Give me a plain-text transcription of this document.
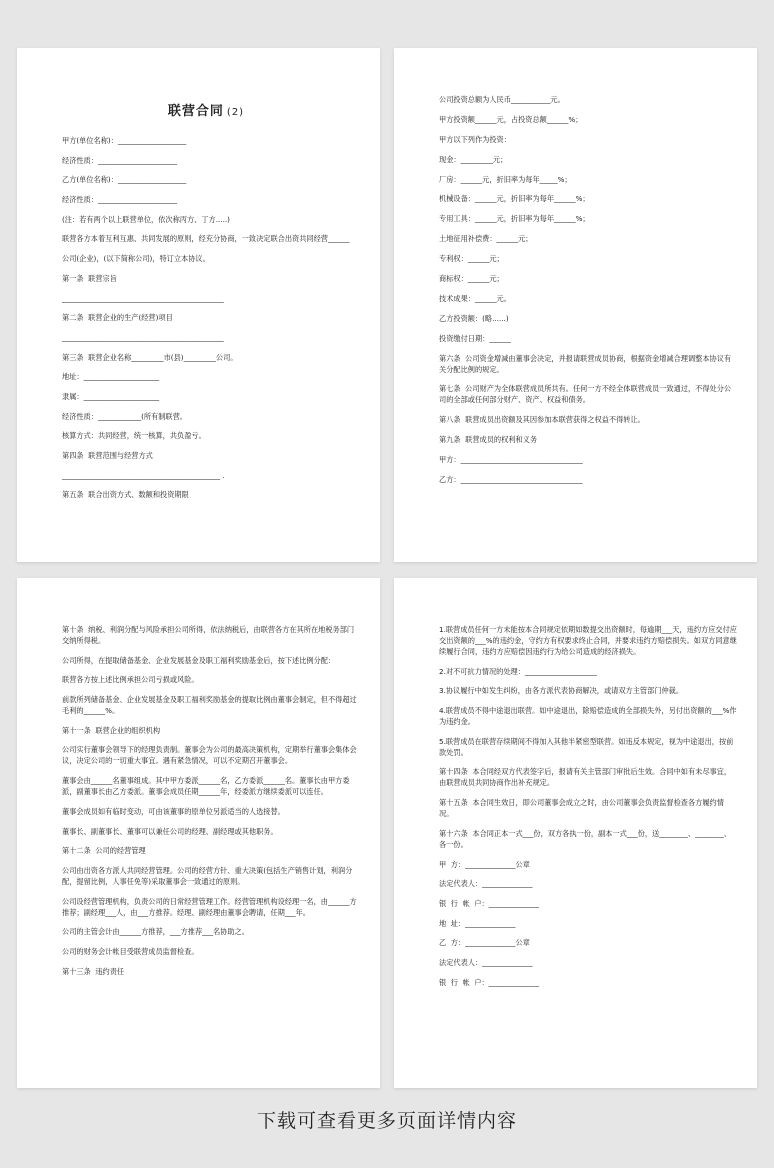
联营合同 (2)
甲方(单位名称)：___________________
经济性质：______________________
乙方(单位名称)：___________________
经济性质：______________________
(注：若有两个以上联营单位，依次称丙方、丁方.....)
联营各方本着互利互惠、共同发展的原则，经充分协商，一致决定联合出资共同经营______
公司(企业)，(以下简称公司)，特订立本协议。
第一条  联营宗旨
_____________________________________________
第二条  联营企业的生产(经营)项目
_____________________________________________
第三条  联营企业名称_________市(县)_________公司。
地址：_____________________
隶属：_____________________
经济性质：____________(所有制联营。
核算方式：共同经营，统一核算，共负盈亏。
第四条  联营范围与经营方式
____________________________________________ .
第五条  联合出资方式、数额和投资期限
公司投资总额为人民币___________元。
甲方投资额______元，占投资总额______%；
甲方以下列作为投资：
现金：_________元；
厂房：______元，折旧率为每年_____%；
机械设备：______元，折旧率为每年______%；
专用工具：______元，折旧率为每年______%；
土地征用补偿费：______元；
专利权：______元；
商标权：______元；
技术成果：______元。
乙方投资额：(略......)
投资缴付日期：______
第六条  公司资金增减由董事会决定，并报请联营成员协商，根据资金增减合理调整本协议有关分配比例的规定。
第七条  公司财产为全体联营成员所共有。任何一方不经全体联营成员一致通过，不得处分公司的全部或任何部分财产、资产、权益和债务。
第八条  联营成员出资额及其因参加本联营获得之权益不得转让。
第九条  联营成员的权利和义务
甲方：__________________________________
乙方：__________________________________
第十条  纳税、利润分配与风险承担公司所得，依法纳税后，由联营各方在其所在地税务部门交纳所得税。
公司所得，在提取储备基金、企业发展基金及职工福利奖励基金后，按下述比例分配：
联营各方按上述比例承担公司亏损或风险。
前款所列储备基金、企业发展基金及职工福利奖励基金的提取比例由董事会制定，但不得超过毛利的______%。
第十一条  联营企业的组织机构
公司实行董事会领导下的经理负责制。董事会为公司的最高决策机构，定期举行董事会集体会议，决定公司的一切重大事宜。遇有紧急情况，可以不定期召开董事会。
董事会由______名董事组成。其中甲方委派______名，乙方委派______名。董事长由甲方委派，副董事长由乙方委派。董事会成员任期______年，经委派方继续委派可以连任。
董事会成员如有临时变动，可由该董事的原单位另派适当的人选接替。
董事长、副董事长、董事可以兼任公司的经理、副经理或其他职务。
第十二条  公司的经营管理
公司由出资各方派人共同经营管理。公司的经营方针、重大决策(包括生产销售计划，利润分配，提留比例，人事任免等)采取董事会一致通过的原则。
公司设经营管理机构，负责公司的日常经营管理工作。经营管理机构设经理一名，由______方推荐；副经理___人，由___方推荐。经理、副经理由董事会聘请，任期___年。
公司的主管会计由______方推荐，___方推荐___名协助之。
公司的财务会计帐目受联营成员监督检查。
第十三条  违约责任
1.联营成员任何一方未能按本合同规定依期如数提交出资额时，每逾期___天，违约方应交付应交出资额的___%的违约金，守约方有权要求终止合同，并要求违约方赔偿损失。如双方同意继续履行合同，违约方应赔偿因违约行为给公司造成的经济损失。
2.对不可抗力情况的处理：____________________
3.协议履行中如发生纠纷，由各方派代表协商解决，或请双方主管部门仲裁。
4.联营成员不得中途退出联营。如中途退出，除赔偿造成的全部损失外，另付出资额的___%作为违约金。
5.联营成员在联营存续期间不得加入其他半紧密型联营。如违反本规定，视为中途退出，按前款处罚。
第十四条  本合同经双方代表签字后，报请有关主管部门审批后生效。合同中如有未尽事宜，由联营成员共同协商作出补充规定。
第十五条  本合同生效日，即公司董事会成立之时，由公司董事会负责监督检查各方履约情况。
第十六条  本合同正本一式___份，双方各执一份，副本一式___份，送________、________、各一份。
甲  方：______________公章
法定代表人：______________
银  行  帐  户：______________
地  址：______________
乙  方：______________公章
法定代表人：______________
银  行  帐  户：______________
下载可查看更多页面详情内容
